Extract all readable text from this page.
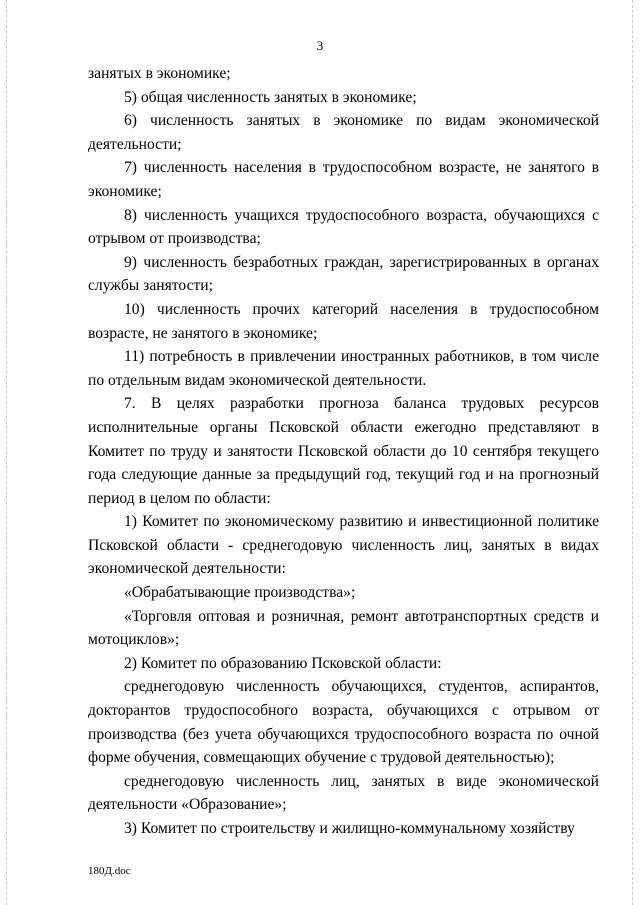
3

занятых в экономике;

5) общая численность занятых в экономике;

6) численность занятых в экономике по видам экономической деятельности;

7) численность населения в трудоспособном возрасте, не занятого в экономике;

8) численность учащихся трудоспособного возраста, обучающихся с отрывом от производства;

9) численность безработных граждан, зарегистрированных в органах службы занятости;

10) численность прочих категорий населения в трудоспособном возрасте, не занятого в экономике;

11) потребность в привлечении иностранных работников, в том числе по отдельным видам экономической деятельности.

7. В целях разработки прогноза баланса трудовых ресурсов исполнительные органы Псковской области ежегодно представляют в Комитет по труду и занятости Псковской области до 10 сентября текущего года следующие данные за предыдущий год, текущий год и на прогнозный период в целом по области:

1) Комитет по экономическому развитию и инвестиционной политике Псковской области - среднегодовую численность лиц, занятых в видах экономической деятельности:

«Обрабатывающие производства»;

«Торговля оптовая и розничная, ремонт автотранспортных средств и мотоциклов»;

2) Комитет по образованию Псковской области:

среднегодовую численность обучающихся, студентов, аспирантов, докторантов трудоспособного возраста, обучающихся с отрывом от производства (без учета обучающихся трудоспособного возраста по очной форме обучения, совмещающих обучение с трудовой деятельностью);

среднегодовую численность лиц, занятых в виде экономической деятельности «Образование»;

3) Комитет по строительству и жилищно-коммунальному хозяйству

180Д.doc
